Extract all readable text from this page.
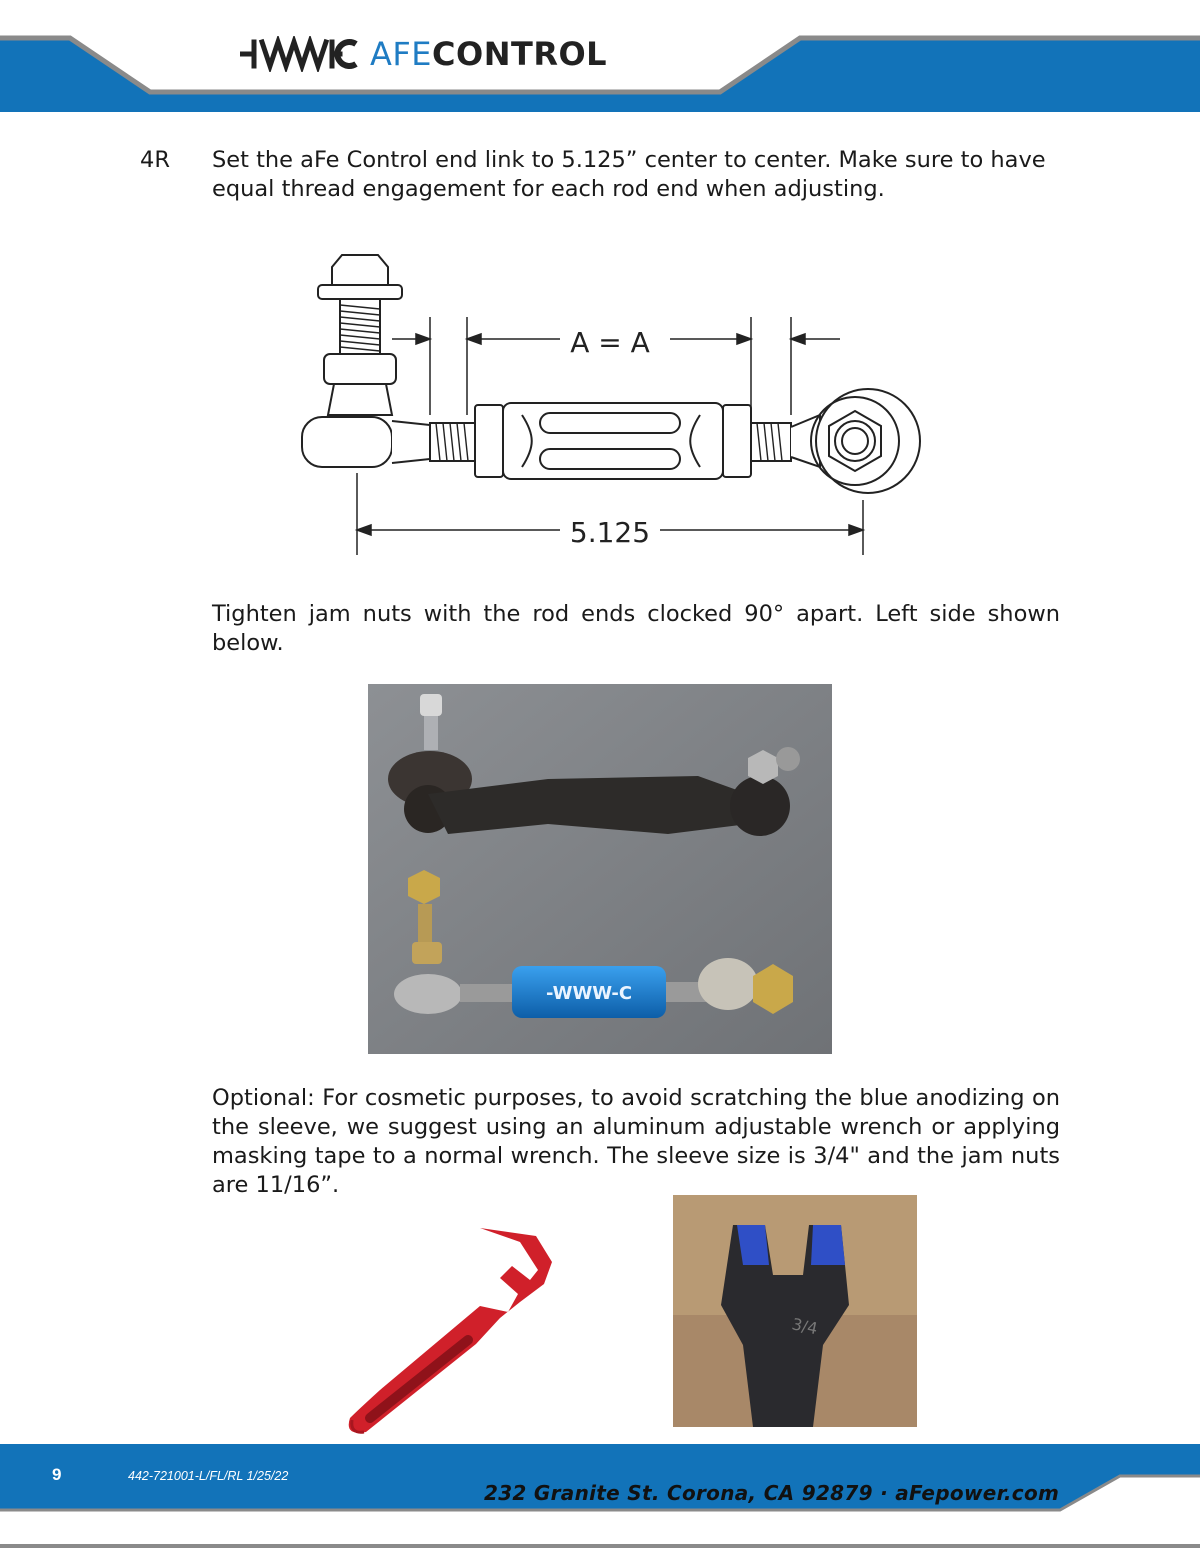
AFECONTROL
4R Set the aFe Control end link to 5.125” center to center. Make sure to have equal thread engagement for each rod end when adjusting.
A = A
5.125
Tighten jam nuts with the rod ends clocked 90° apart. Left side shown below.
-WWW-C
Optional: For cosmetic purposes, to avoid scratching the blue anodizing on the sleeve, we suggest using an aluminum adjustable wrench or applying masking tape to a normal wrench. The sleeve size is 3/4" and the jam nuts are 11/16”.
3/4
9	442-721001-L/FL/RL 1/25/22
232 Granite St. Corona, CA 92879 · aFepower.com
